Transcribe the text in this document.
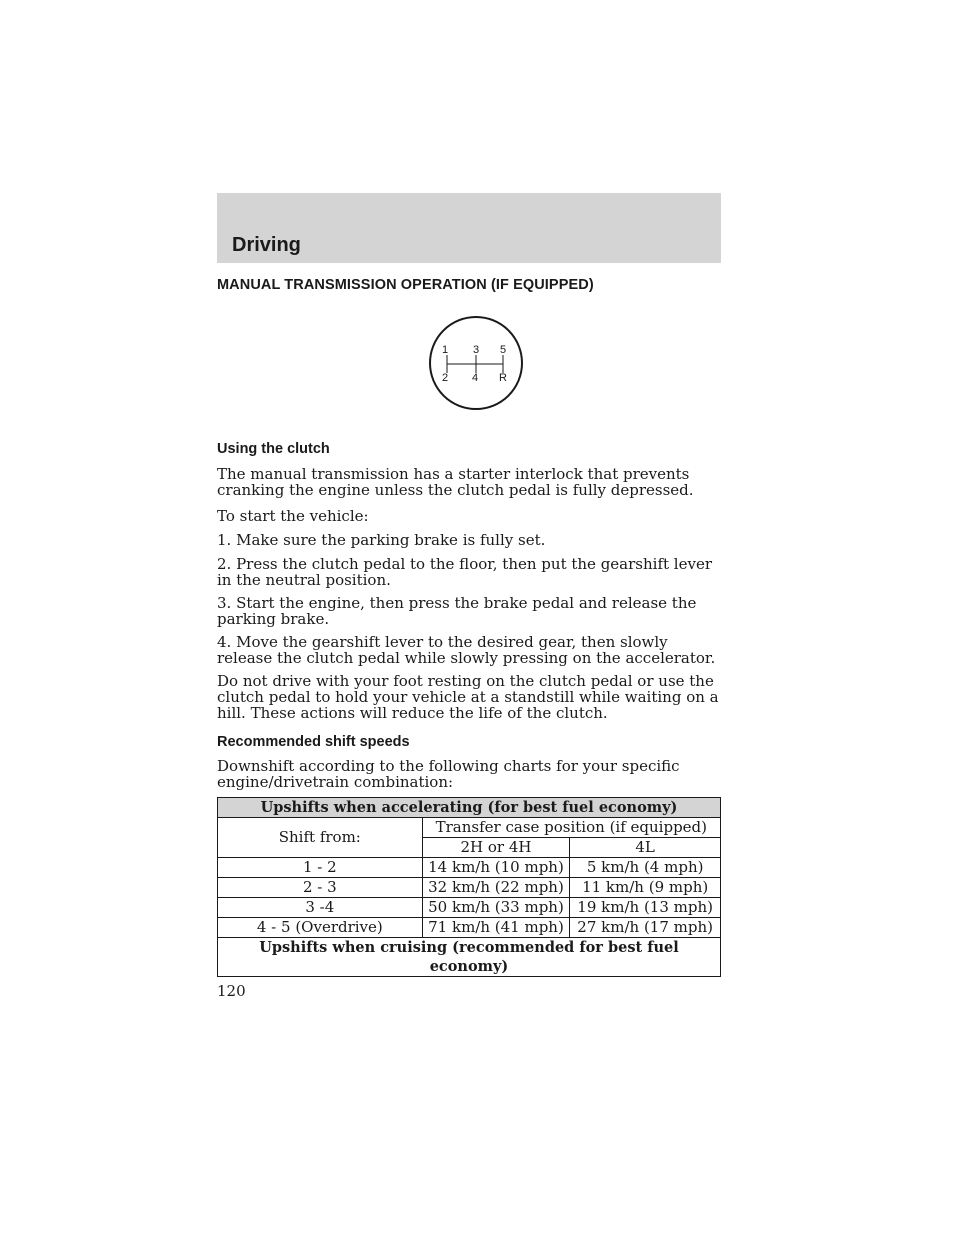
Driving
MANUAL TRANSMISSION OPERATION (IF EQUIPPED)
1 3 5
2 4 R
Using the clutch
The manual transmission has a starter interlock that prevents cranking the engine unless the clutch pedal is fully depressed.
To start the vehicle:
1. Make sure the parking brake is fully set.
2. Press the clutch pedal to the floor, then put the gearshift lever in the neutral position.
3. Start the engine, then press the brake pedal and release the parking brake.
4. Move the gearshift lever to the desired gear, then slowly release the clutch pedal while slowly pressing on the accelerator.
Do not drive with your foot resting on the clutch pedal or use the clutch pedal to hold your vehicle at a standstill while waiting on a hill. These actions will reduce the life of the clutch.
Recommended shift speeds
Downshift according to the following charts for your specific engine/drivetrain combination:
Upshifts when accelerating (for best fuel economy)		
Shift from:	Transfer case position (if equipped)	
	2H or 4H	4L
1 - 2	14 km/h (10 mph)	5 km/h (4 mph)
2 - 3	32 km/h (22 mph)	11 km/h (9 mph)
3 -4	50 km/h (33 mph)	19 km/h (13 mph)
4 - 5 (Overdrive)	71 km/h (41 mph)	27 km/h (17 mph)
Upshifts when cruising (recommended for best fuel economy)		
120
